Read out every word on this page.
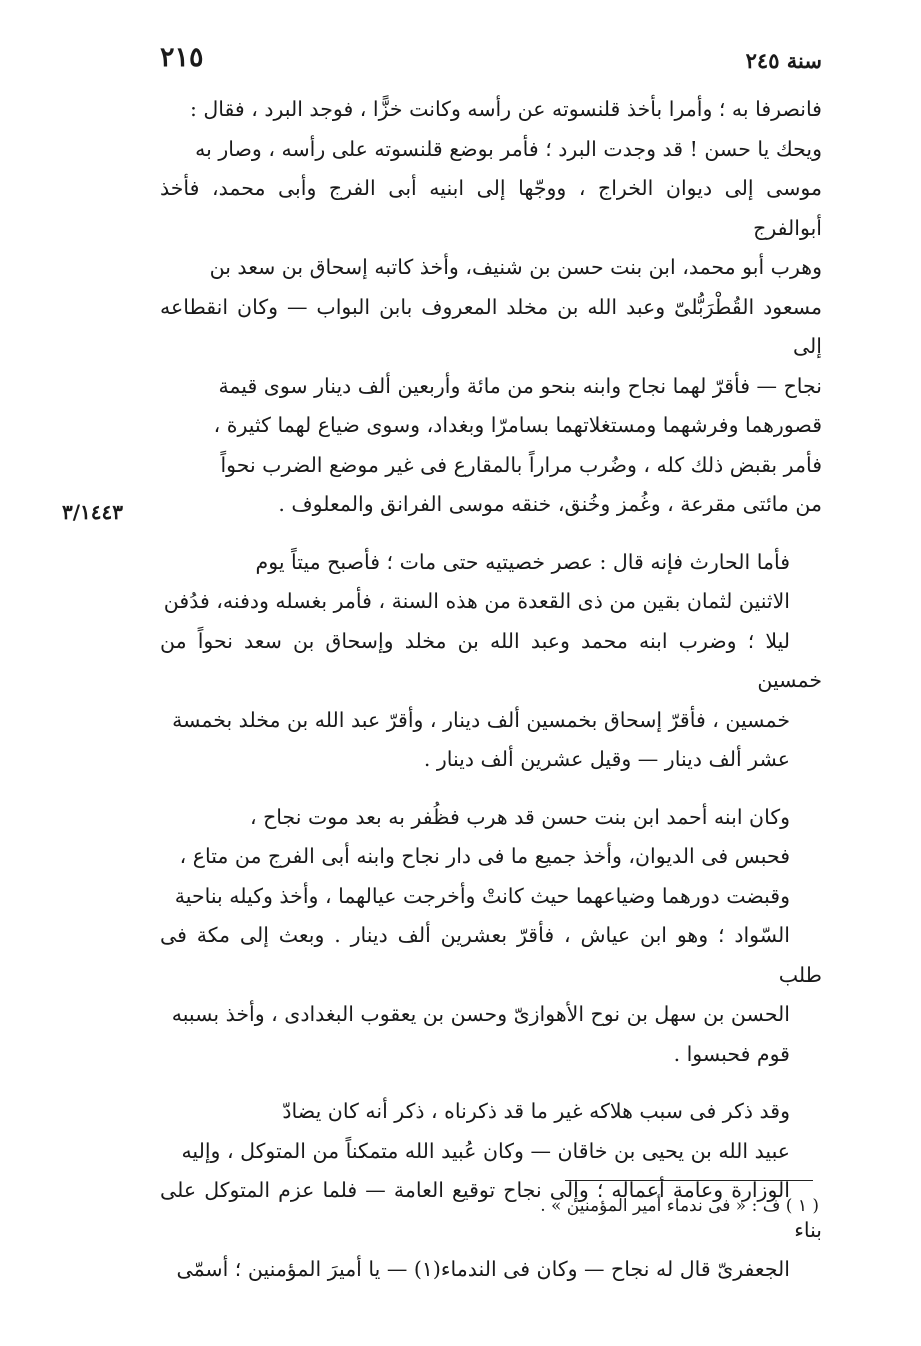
٢١٥	سنة ٢٤٥
٣/١٤٤٣

فانصرفا به ؛ وأمرا بأخذ قلنسوته عن رأسه وكانت خزًّا ، فوجد البرد ، فقال :
ويحك يا حسن ! قد وجدت البرد ؛ فأمر بوضع قلنسوته على رأسه ، وصار به
موسى إلى ديوان الخراج ، ووجّها إلى ابنيه أبى الفرج وأبى محمد، فأخذ أبوالفرج
وهرب أبو محمد، ابن بنت حسن بن شنيف، وأخذ كاتبه إسحاق بن سعد بن
مسعود القُطْرَبُّلىّ وعبد الله بن مخلد المعروف بابن البواب — وكان انقطاعه إلى
نجاح — فأقرّ لهما نجاح وابنه بنحو من مائة وأربعين ألف دينار سوى قيمة
قصورهما وفرشهما ومستغلاتهما بسامرّا وبغداد، وسوى ضياع لهما كثيرة ،
فأمر بقبض ذلك كله ، وضُرب مراراً بالمقارع فى غير موضع الضرب نحواً
من مائتى مقرعة ، وغُمز وخُنق، خنقه موسى الفرانق والمعلوف .

فأما الحارث فإنه قال : عصر خصيتيه حتى مات ؛ فأصبح ميتاً يوم
الاثنين لثمان بقين من ذى القعدة من هذه السنة ، فأمر بغسله ودفنه، فدُفن
ليلا ؛ وضرب ابنه محمد وعبد الله بن مخلد وإسحاق بن سعد نحواً من خمسين
خمسين ، فأقرّ إسحاق بخمسين ألف دينار ، وأقرّ عبد الله بن مخلد بخمسة
عشر ألف دينار — وقيل عشرين ألف دينار .

وكان ابنه أحمد ابن بنت حسن قد هرب فظُفر به بعد موت نجاح ،
فحبس فى الديوان، وأخذ جميع ما فى دار نجاح وابنه أبى الفرج من متاع ،
وقبضت دورهما وضياعهما حيث كانتْ وأخرجت عيالهما ، وأخذ وكيله بناحية
السّواد ؛ وهو ابن عياش ، فأقرّ بعشرين ألف دينار . وبعث إلى مكة فى طلب
الحسن بن سهل بن نوح الأهوازىّ وحسن بن يعقوب البغدادى ، وأخذ بسببه
قوم فحبسوا .

وقد ذكر فى سبب هلاكه غير ما قد ذكرناه ، ذكر أنه كان يضادّ
عبيد الله بن يحيى بن خاقان — وكان عُبيد الله متمكناً من المتوكل ، وإليه
الوزارة وعامة أعماله ؛ وإلى نجاح توقيع العامة — فلما عزم المتوكل على بناء
الجعفرىّ قال له نجاح — وكان فى الندماء(١) — يا أميرَ المؤمنين ؛ أسمّى

( ١ ) ف : « فى ندماء أمير المؤمنين » .
